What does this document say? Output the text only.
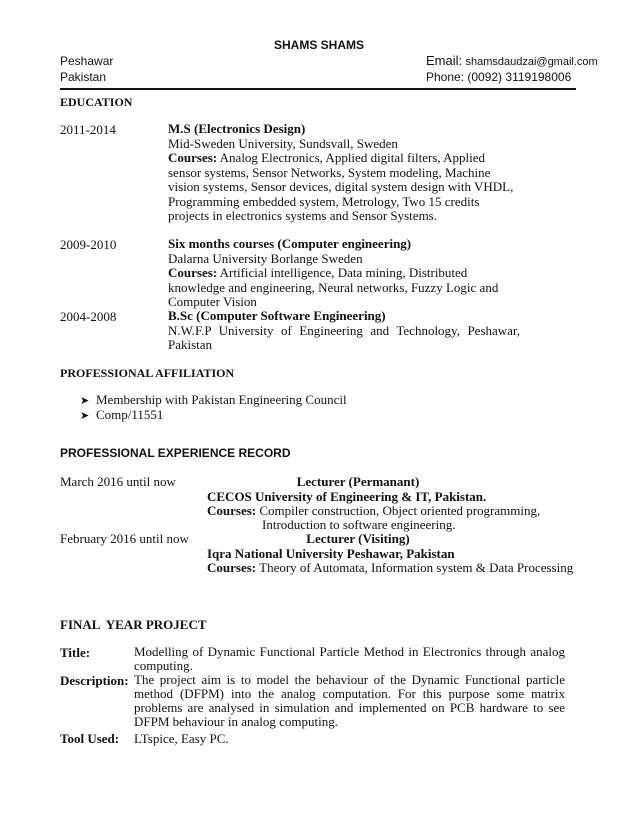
SHAMS SHAMS
Peshawar
Pakistan
Email: shamsdaudzai@gmail.com
Phone: (0092) 3119198006
EDUCATION
2011-2014	M.S (Electronics Design)
Mid-Sweden University, Sundsvall, Sweden
Courses: Analog Electronics, Applied digital filters, Applied sensor systems, Sensor Networks, System modeling, Machine vision systems, Sensor devices, digital system design with VHDL, Programming embedded system, Metrology, Two 15 credits projects in electronics systems and Sensor Systems.
2009-2010	Six months courses (Computer engineering)
Dalarna University Borlange Sweden
Courses: Artificial intelligence, Data mining, Distributed knowledge and engineering, Neural networks, Fuzzy Logic and Computer Vision
2004-2008	B.Sc (Computer Software Engineering)
N.W.F.P University of Engineering and Technology, Peshawar, Pakistan
PROFESSIONAL AFFILIATION
➤ Membership with Pakistan Engineering Council
➤ Comp/11551
PROFESSIONAL EXPERIENCE RECORD
March 2016 until now	Lecturer (Permanant)
CECOS University of Engineering & IT, Pakistan.
Courses: Compiler construction, Object oriented programming,
Introduction to software engineering.
February 2016 until now	Lecturer (Visiting)
Iqra National University Peshawar, Pakistan
Courses: Theory of Automata, Information system & Data Processing
FINAL  YEAR PROJECT
Title:	Modelling of Dynamic Functional Particle Method in Electronics through analog computing.
Description: The project aim is to model the behaviour of the Dynamic Functional particle method (DFPM) into the analog computation. For this purpose some matrix problems are analysed in simulation and implemented on PCB hardware to see DFPM behaviour in analog computing.
Tool Used: LTspice, Easy PC.
